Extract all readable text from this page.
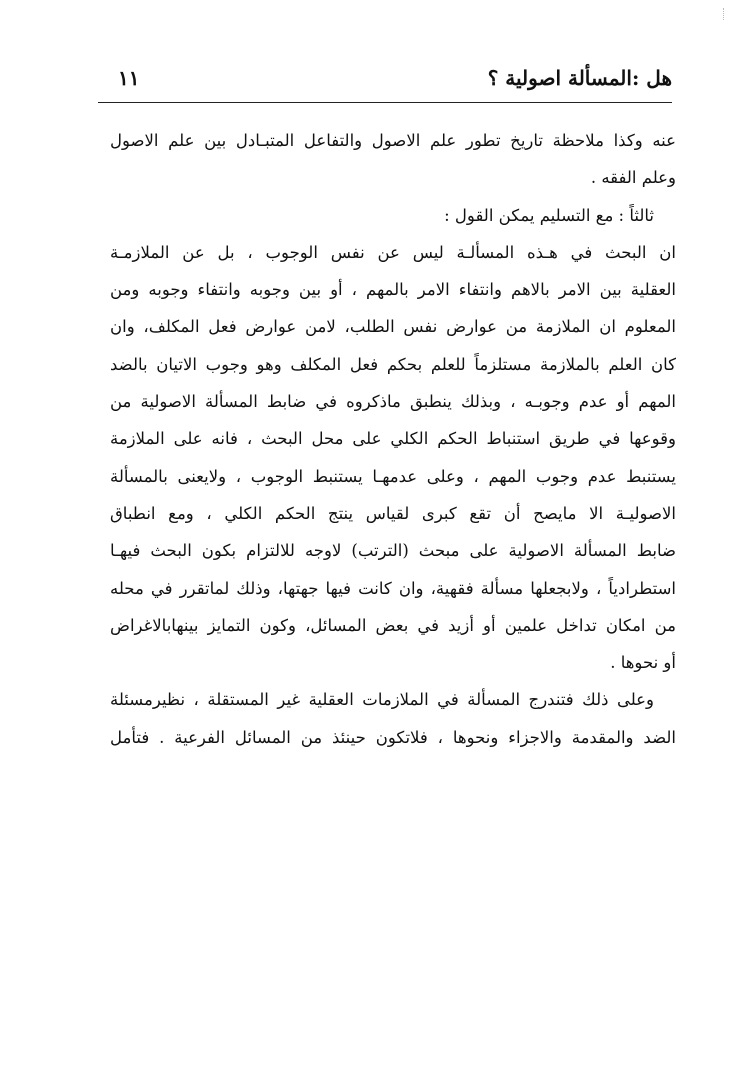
هل :المسألة اصولية ؟
١١
عنه وكذا ملاحظة تاريخ تطور علم الاصول والتفاعل المتبـادل بين علم الاصول
وعلم الفقه .
ثالثاً : مع التسليم يمكن القول :
ان البحث في هـذه المسألـة ليس عن نفس الوجوب ، بل عن الملازمـة
العقلية بين الامر بالاهم وانتفاء الامر بالمهم ، أو بين وجوبه وانتفاء وجوبه ومن
المعلوم ان الملازمة من عوارض نفس الطلب، لامن عوارض فعل المكلف، وان
كان العلم بالملازمة مستلزماً للعلم بحكم فعل المكلف وهو وجوب الاتيان بالضد
المهم أو عدم وجوبـه ، وبذلك ينطبق ماذكروه في ضابط المسألة الاصولية من
وقوعها في طريق استنباط الحكم الكلي على محل البحث ، فانه على الملازمة
يستنبط عدم وجوب المهم ، وعلى عدمهـا يستنبط الوجوب ، ولايعنى بالمسألة
الاصوليـة الا مايصح أن تقع كبرى لقياس ينتج الحكم الكلي ، ومع انطباق
ضابط المسألة الاصولية على مبحث (الترتب) لاوجه للالتزام بكون البحث فيهـا
استطرادياً ، ولابجعلها مسألة فقهية، وان كانت فيها جهتها، وذلك لماتقرر في محله
من امكان تداخل علمين أو أزيد في بعض المسائل، وكون التمايز بينهابالاغراض
أو نحوها .
وعلى ذلك فتندرج المسألة في الملازمات العقلية غير المستقلة ، نظيرمسئلة
الضد والمقدمة والاجزاء ونحوها ، فلاتكون حينئذ من المسائل الفرعية . فتأمل
